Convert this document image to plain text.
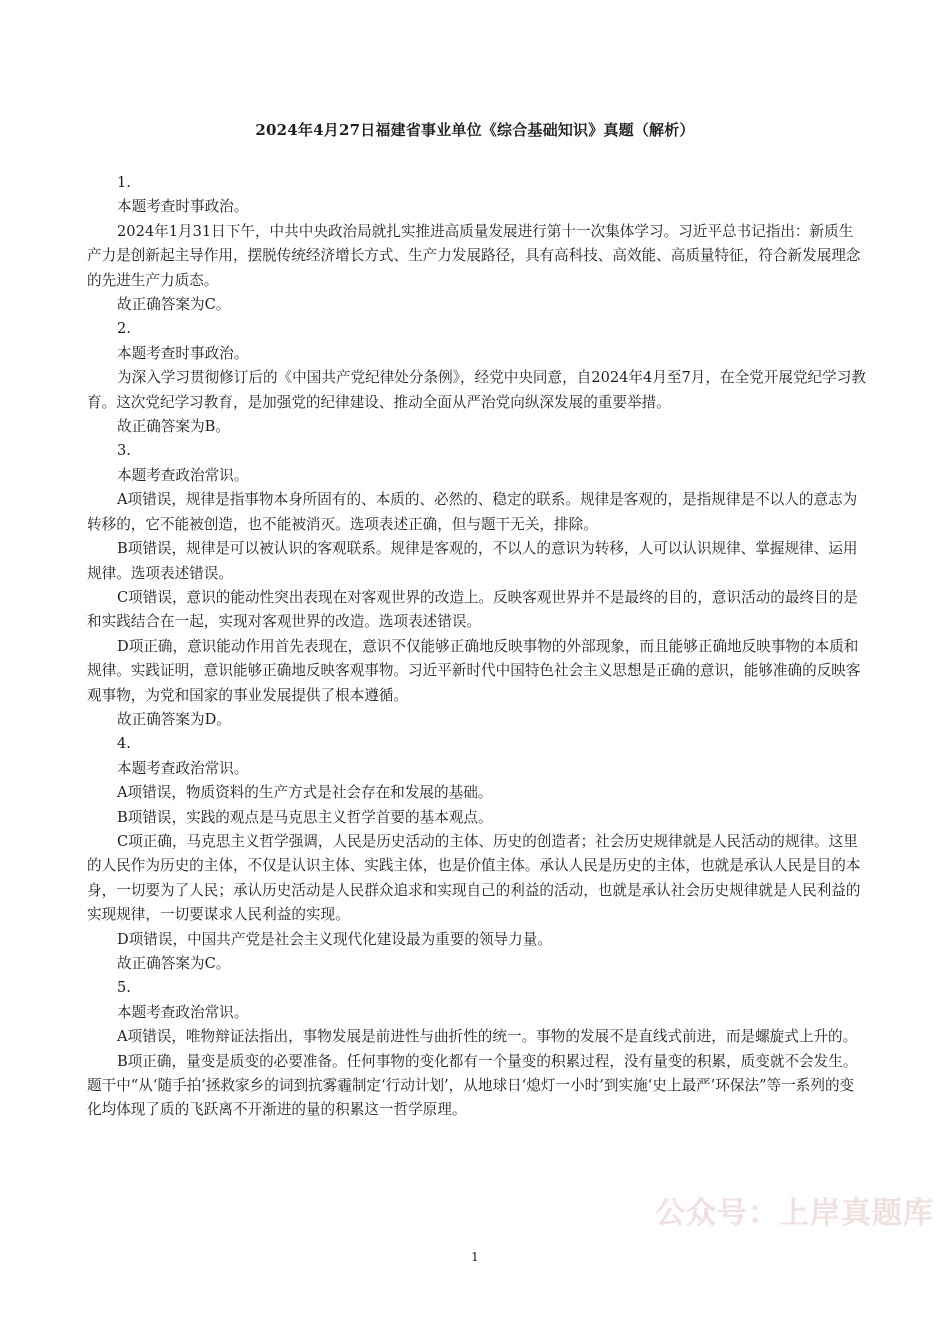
2024年4月27日福建省事业单位《综合基础知识》真题（解析）

1.

本题考查时事政治。

2024年1月31日下午，中共中央政治局就扎实推进高质量发展进行第十一次集体学习。习近平总书记指出：新质生产力是创新起主导作用，摆脱传统经济增长方式、生产力发展路径，具有高科技、高效能、高质量特征，符合新发展理念的先进生产力质态。

故正确答案为C。

2.

本题考查时事政治。

为深入学习贯彻修订后的《中国共产党纪律处分条例》，经党中央同意，自2024年4月至7月，在全党开展党纪学习教育。这次党纪学习教育，是加强党的纪律建设、推动全面从严治党向纵深发展的重要举措。

故正确答案为B。

3.

本题考查政治常识。

A项错误，规律是指事物本身所固有的、本质的、必然的、稳定的联系。规律是客观的，是指规律是不以人的意志为转移的，它不能被创造，也不能被消灭。选项表述正确，但与题干无关，排除。

B项错误，规律是可以被认识的客观联系。规律是客观的，不以人的意识为转移，人可以认识规律、掌握规律、运用规律。选项表述错误。

C项错误，意识的能动性突出表现在对客观世界的改造上。反映客观世界并不是最终的目的，意识活动的最终目的是和实践结合在一起，实现对客观世界的改造。选项表述错误。

D项正确，意识能动作用首先表现在，意识不仅能够正确地反映事物的外部现象，而且能够正确地反映事物的本质和规律。实践证明，意识能够正确地反映客观事物。习近平新时代中国特色社会主义思想是正确的意识，能够准确的反映客观事物，为党和国家的事业发展提供了根本遵循。

故正确答案为D。

4.

本题考查政治常识。

A项错误，物质资料的生产方式是社会存在和发展的基础。

B项错误，实践的观点是马克思主义哲学首要的基本观点。

C项正确，马克思主义哲学强调，人民是历史活动的主体、历史的创造者；社会历史规律就是人民活动的规律。这里的人民作为历史的主体，不仅是认识主体、实践主体，也是价值主体。承认人民是历史的主体，也就是承认人民是目的本身，一切要为了人民；承认历史活动是人民群众追求和实现自己的利益的活动，也就是承认社会历史规律就是人民利益的实现规律，一切要谋求人民利益的实现。

D项错误，中国共产党是社会主义现代化建设最为重要的领导力量。

故正确答案为C。

5.

本题考查政治常识。

A项错误，唯物辩证法指出，事物发展是前进性与曲折性的统一。事物的发展不是直线式前进，而是螺旋式上升的。

B项正确，量变是质变的必要准备。任何事物的变化都有一个量变的积累过程，没有量变的积累，质变就不会发生。题干中“从‘随手拍’拯救家乡的词到抗雾霾制定‘行动计划’，从地球日‘熄灯一小时’到实施‘史上最严’环保法”等一系列的变化均体现了质的飞跃离不开渐进的量的积累这一哲学原理。

公众号：上岸真题库
1
